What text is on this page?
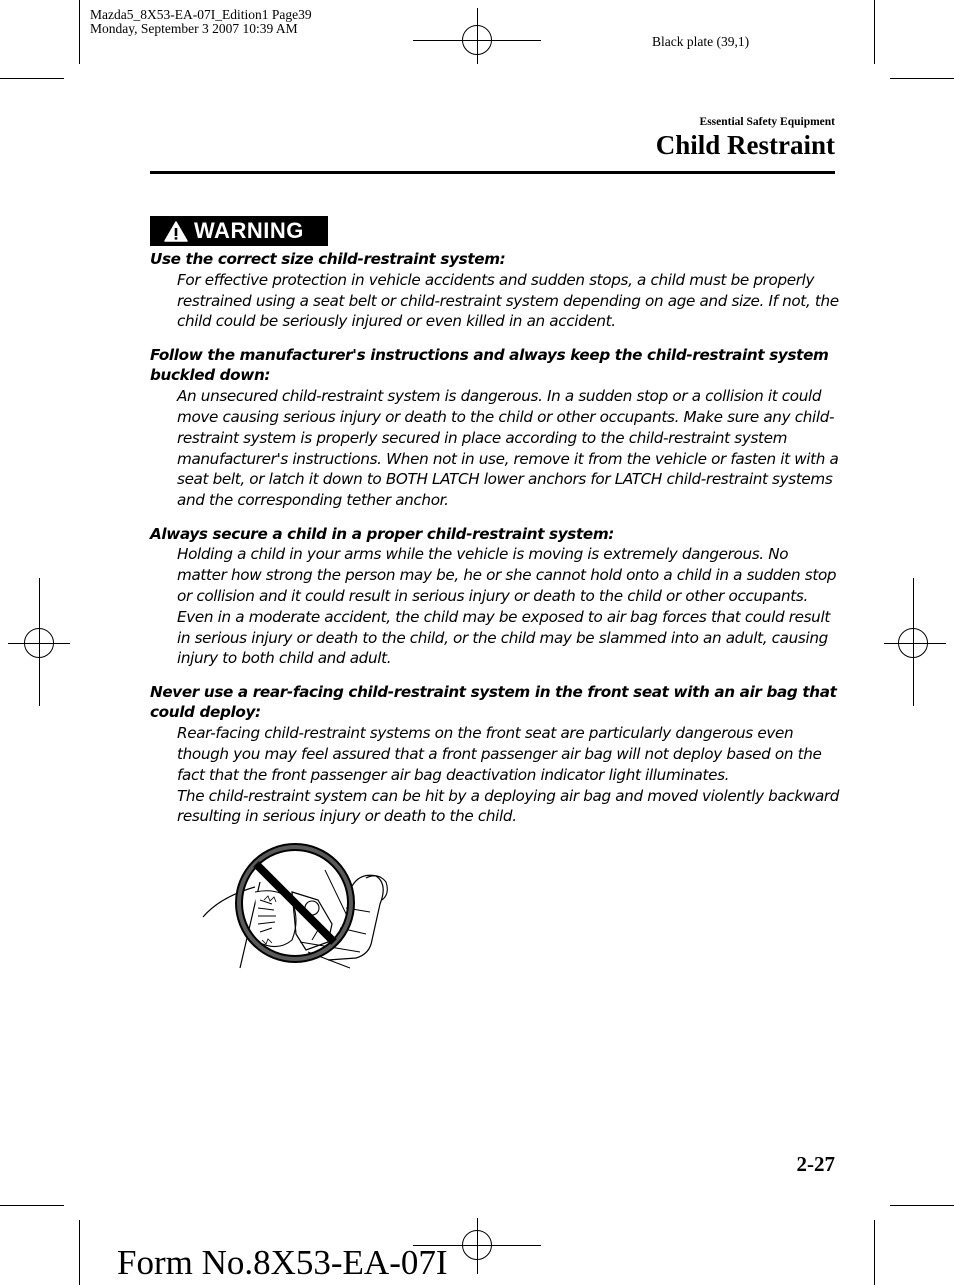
Mazda5_8X53-EA-07I_Edition1 Page39
Monday, September 3 2007 10:39 AM
Black plate (39,1)
Essential Safety Equipment
Child Restraint
WARNING
Use the correct size child-restraint system:
For effective protection in vehicle accidents and sudden stops, a child must be properly restrained using a seat belt or child-restraint system depending on age and size. If not, the child could be seriously injured or even killed in an accident.
Follow the manufacturer's instructions and always keep the child-restraint system buckled down:
An unsecured child-restraint system is dangerous. In a sudden stop or a collision it could move causing serious injury or death to the child or other occupants. Make sure any child-restraint system is properly secured in place according to the child-restraint system manufacturer's instructions. When not in use, remove it from the vehicle or fasten it with a seat belt, or latch it down to BOTH LATCH lower anchors for LATCH child-restraint systems and the corresponding tether anchor.
Always secure a child in a proper child-restraint system:
Holding a child in your arms while the vehicle is moving is extremely dangerous. No matter how strong the person may be, he or she cannot hold onto a child in a sudden stop or collision and it could result in serious injury or death to the child or other occupants. Even in a moderate accident, the child may be exposed to air bag forces that could result in serious injury or death to the child, or the child may be slammed into an adult, causing injury to both child and adult.
Never use a rear-facing child-restraint system in the front seat with an air bag that could deploy:
Rear-facing child-restraint systems on the front seat are particularly dangerous even though you may feel assured that a front passenger air bag will not deploy based on the fact that the front passenger air bag deactivation indicator light illuminates.
The child-restraint system can be hit by a deploying air bag and moved violently backward resulting in serious injury or death to the child.
2-27
Form No.8X53-EA-07I
